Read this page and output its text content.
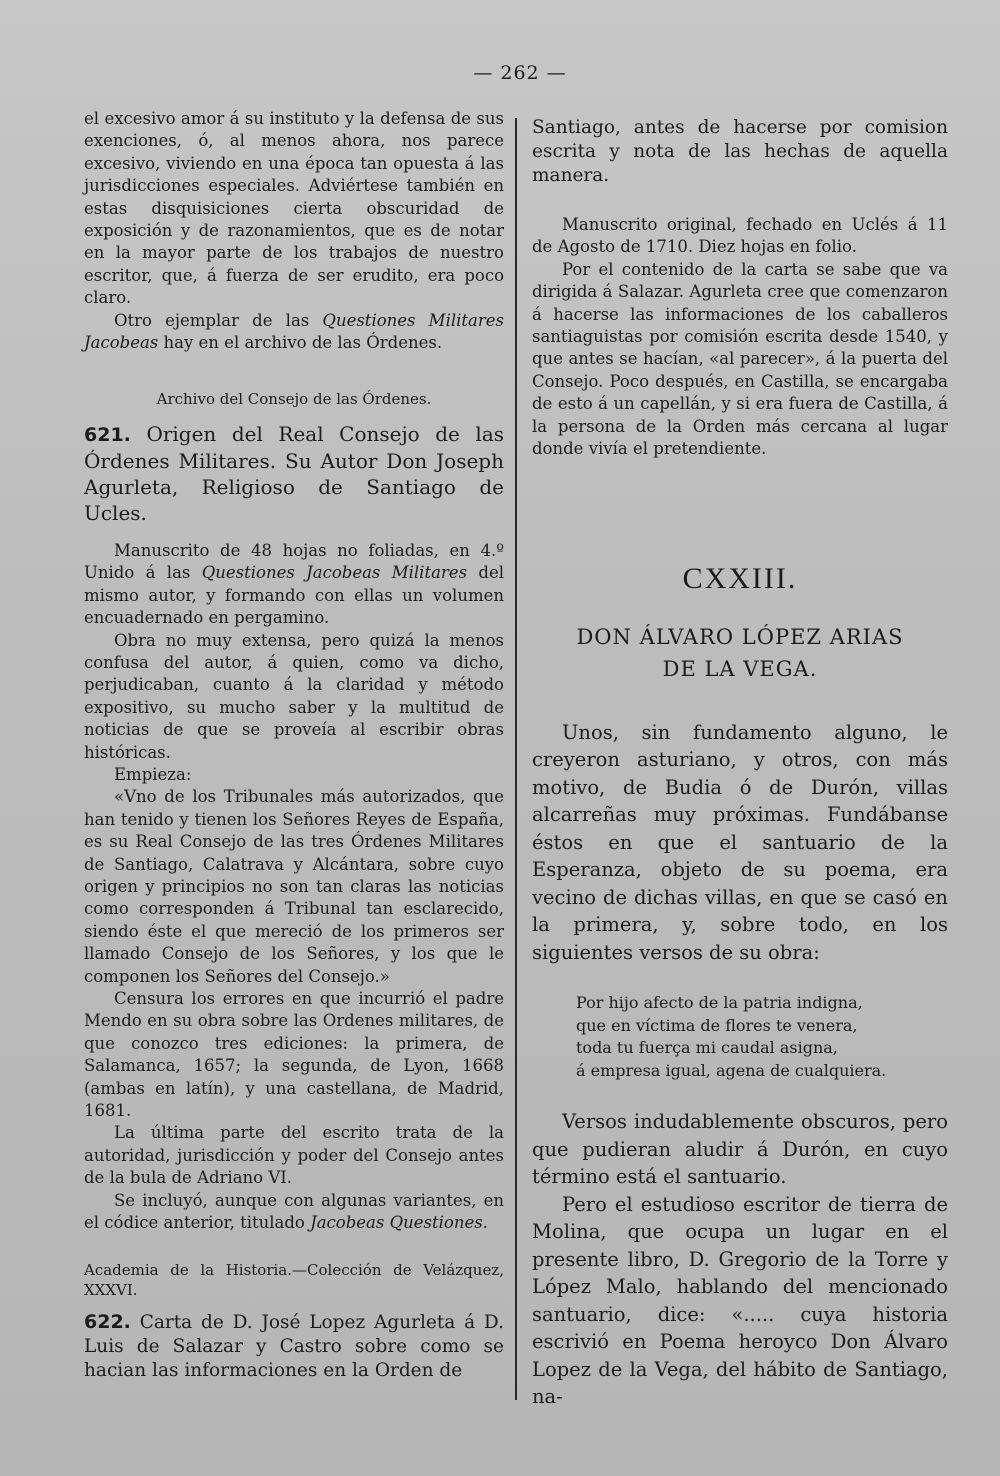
— 262 —

el excesivo amor á su instituto y la defensa de sus exenciones, ó, al menos ahora, nos parece excesivo, viviendo en una época tan opuesta á las jurisdicciones especiales. Adviértese también en estas disquisiciones cierta obscuridad de exposición y de razonamientos, que es de notar en la mayor parte de los trabajos de nuestro escritor, que, á fuerza de ser erudito, era poco claro.

Otro ejemplar de las Questiones Militares Jacobeas hay en el archivo de las Órdenes.

Archivo del Consejo de las Órdenes.

621. Origen del Real Consejo de las Órdenes Militares. Su Autor Don Joseph Agurleta, Religioso de Santiago de Ucles.

Manuscrito de 48 hojas no foliadas, en 4.º Unido á las Questiones Jacobeas Militares del mismo autor, y formando con ellas un volumen encuadernado en pergamino.

Obra no muy extensa, pero quizá la menos confusa del autor, á quien, como va dicho, perjudicaban, cuanto á la claridad y método expositivo, su mucho saber y la multitud de noticias de que se proveía al escribir obras históricas.

Empieza:

«Vno de los Tribunales más autorizados, que han tenido y tienen los Señores Reyes de España, es su Real Consejo de las tres Órdenes Militares de Santiago, Calatrava y Alcántara, sobre cuyo origen y principios no son tan claras las noticias como corresponden á Tribunal tan esclarecido, siendo éste el que mereció de los primeros ser llamado Consejo de los Señores, y los que le componen los Señores del Consejo.»

Censura los errores en que incurrió el padre Mendo en su obra sobre las Ordenes militares, de que conozco tres ediciones: la primera, de Salamanca, 1657; la segunda, de Lyon, 1668 (ambas en latín), y una castellana, de Madrid, 1681.

La última parte del escrito trata de la autoridad, jurisdicción y poder del Consejo antes de la bula de Adriano VI.

Se incluyó, aunque con algunas variantes, en el códice anterior, titulado Jacobeas Questiones.

Academia de la Historia.—Colección de Velázquez, XXXVI.

622. Carta de D. José Lopez Agurleta á D. Luis de Salazar y Castro sobre como se hacian las informaciones en la Orden de

Santiago, antes de hacerse por comision escrita y nota de las hechas de aquella manera.

Manuscrito original, fechado en Uclés á 11 de Agosto de 1710. Diez hojas en folio.

Por el contenido de la carta se sabe que va dirigida á Salazar. Agurleta cree que comenzaron á hacerse las informaciones de los caballeros santiaguistas por comisión escrita desde 1540, y que antes se hacían, «al parecer», á la puerta del Consejo. Poco después, en Castilla, se encargaba de esto á un capellán, y si era fuera de Castilla, á la persona de la Orden más cercana al lugar donde vivía el pretendiente.

CXXIII.

DON ÁLVARO LÓPEZ ARIAS
DE LA VEGA.

Unos, sin fundamento alguno, le creyeron asturiano, y otros, con más motivo, de Budia ó de Durón, villas alcarreñas muy próximas. Fundábanse éstos en que el santuario de la Esperanza, objeto de su poema, era vecino de dichas villas, en que se casó en la primera, y, sobre todo, en los siguientes versos de su obra:

Por hijo afecto de la patria indigna,
que en víctima de flores te venera,
toda tu fuerça mi caudal asigna,
á empresa igual, agena de cualquiera.

Versos indudablemente obscuros, pero que pudieran aludir á Durón, en cuyo término está el santuario.

Pero el estudioso escritor de tierra de Molina, que ocupa un lugar en el presente libro, D. Gregorio de la Torre y López Malo, hablando del mencionado santuario, dice: «..... cuya historia escrivió en Poema heroyco Don Álvaro Lopez de la Vega, del hábito de Santiago, na-
